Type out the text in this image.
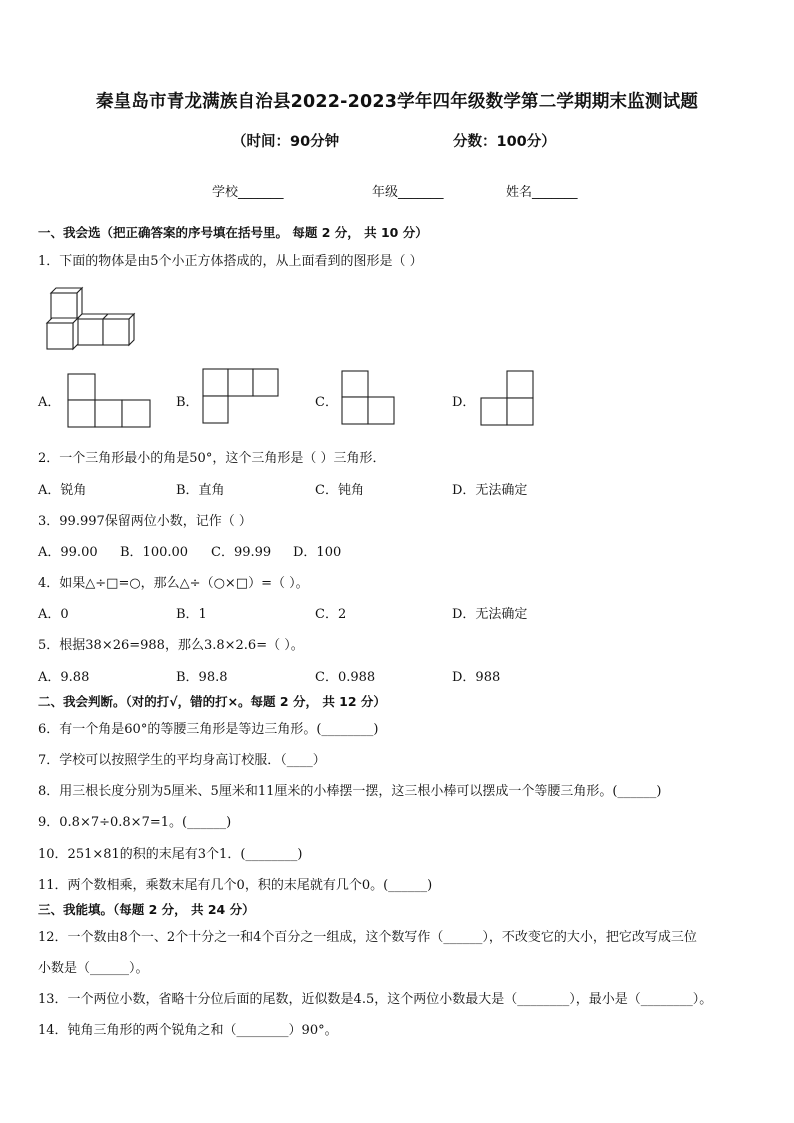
秦皇岛市青龙满族自治县2022-2023学年四年级数学第二学期期末监测试题
（时间：90分钟	分数：100分）
学校_______	年级_______	姓名_______
一、我会选（把正确答案的序号填在括号里。 每题 2 分， 共 10 分）
1．下面的物体是由5个小正方体搭成的，从上面看到的图形是（ ）
A．	B．	C．	D．
2．一个三角形最小的角是50°，这个三角形是（ ）三角形．
A．锐角	B．直角	C．钝角	D．无法确定
3．99.997保留两位小数，记作（ ）
A．99.00 B．100.00 C．99.99 D．100
4．如果△÷□=○，那么△÷（○×□）=（ ）。
A．0	B．1	C．2	D．无法确定
5．根据38×26=988，那么3.8×2.6=（ ）。
A．9.88	B．98.8	C．0.988	D．988
二、我会判断。（对的打√，错的打×。每题 2 分， 共 12 分）
6．有一个角是60°的等腰三角形是等边三角形。(________)
7．学校可以按照学生的平均身高订校服．（____）
8．用三根长度分别为5厘米、5厘米和11厘米的小棒摆一摆，这三根小棒可以摆成一个等腰三角形。(______)
9．0.8×7÷0.8×7=1。(______)
10．251×81的积的末尾有3个1．(________)
11．两个数相乘，乘数末尾有几个0，积的末尾就有几个0。(______)
三、我能填。（每题 2 分， 共 24 分）
12．一个数由8个一、2个十分之一和4个百分之一组成，这个数写作（______），不改变它的大小，把它改写成三位
小数是（______）。
13．一个两位小数，省略十分位后面的尾数，近似数是4.5，这个两位小数最大是（________），最小是（________）。
14．钝角三角形的两个锐角之和（________）90°。
